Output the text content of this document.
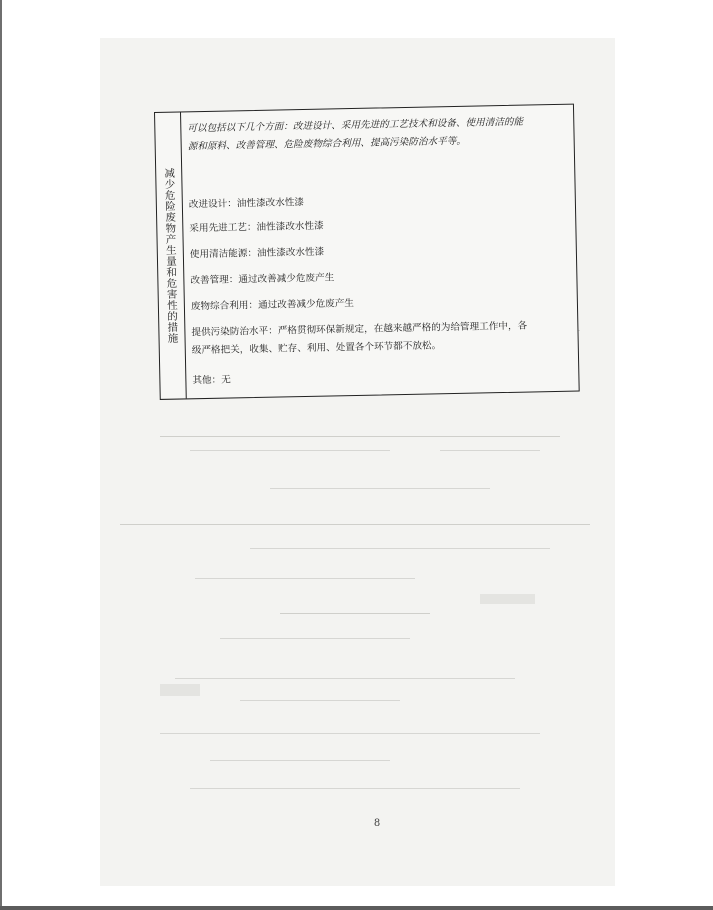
减少危险废物产生量和危害性的措施
可以包括以下几个方面：改进设计、采用先进的工艺技术和设备、使用清洁的能
源和原料、改善管理、危险废物综合利用、提高污染防治水平等。
改进设计：油性漆改水性漆
采用先进工艺：油性漆改水性漆
使用清洁能源：油性漆改水性漆
改善管理：通过改善减少危废产生
废物综合利用：通过改善减少危废产生
提供污染防治水平：严格贯彻环保新规定，在越来越严格的为给管理工作中，各
级严格把关，收集、贮存、利用、处置各个环节都不放松。
其他：无
8
